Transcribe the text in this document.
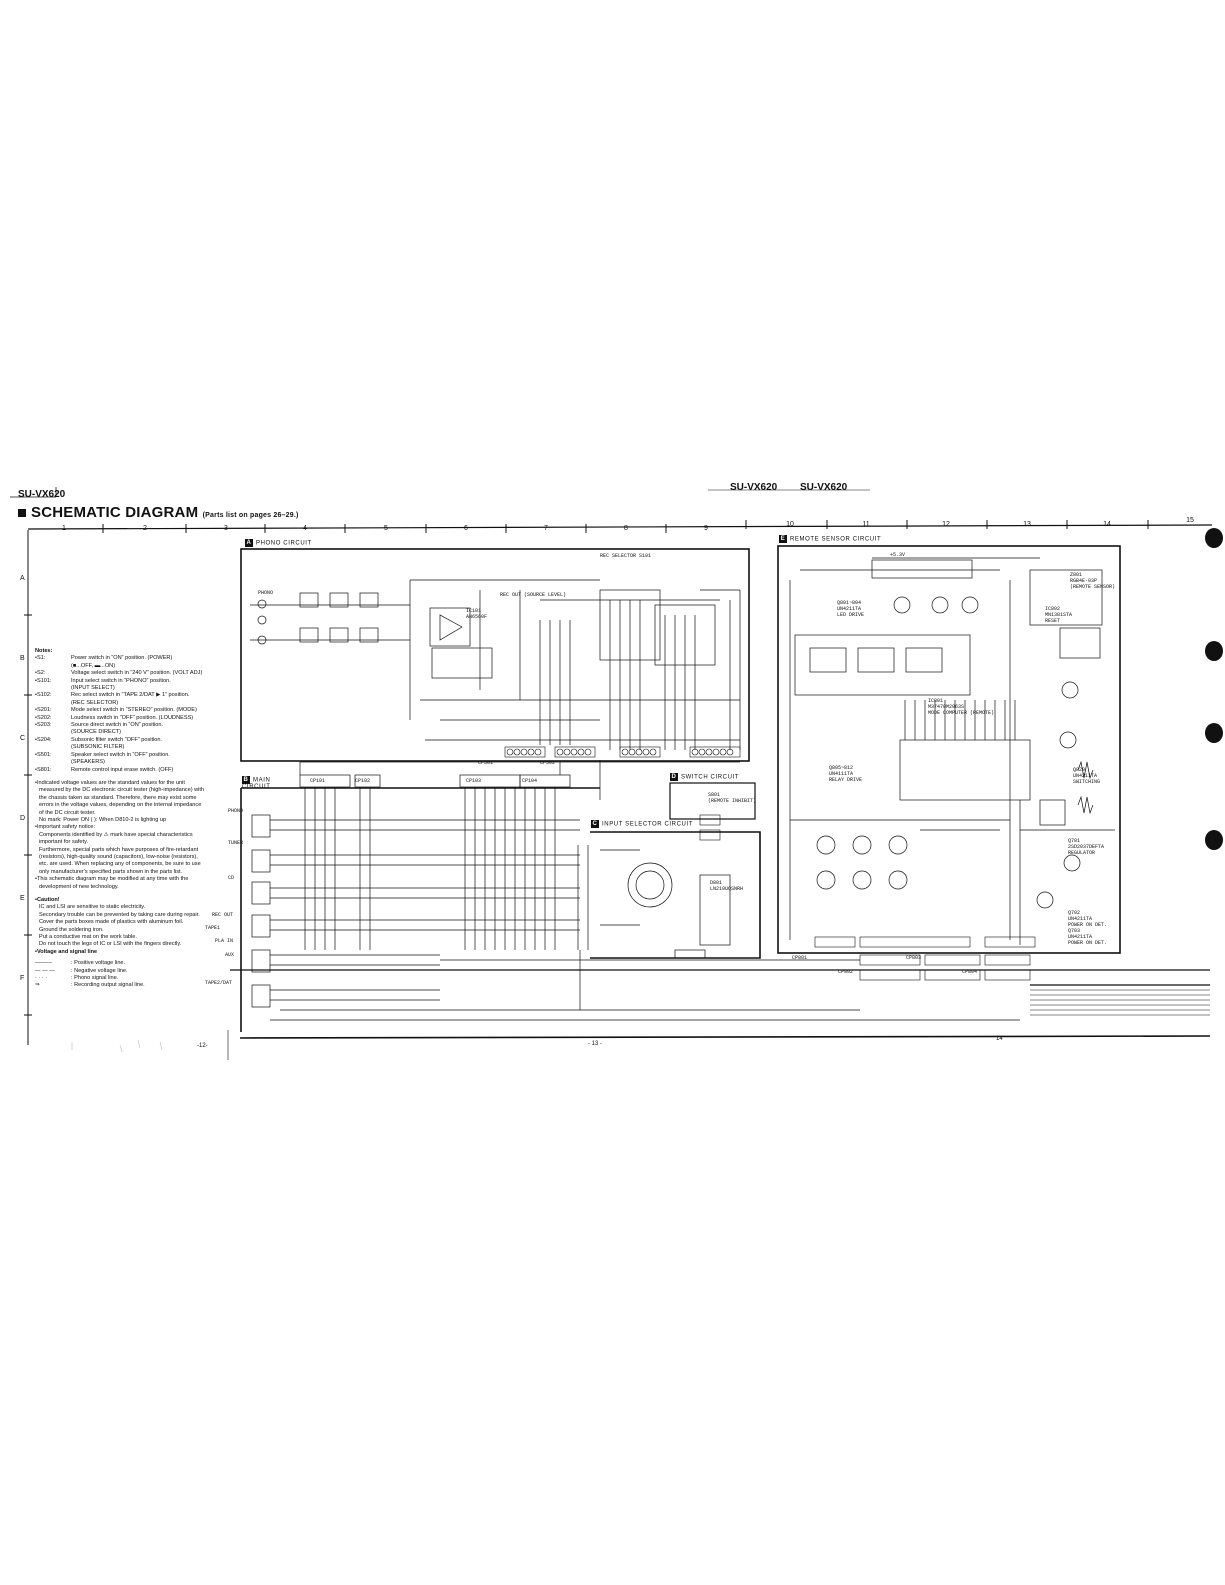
SU-VX620
SU-VX620 SU-VX620
SCHEMATIC DIAGRAM (Parts list on pages 26–29.)
1	2	3	4	5	6	7	8	9
10	11	12	13	14
15
A
B
C
D
E
F
A PHONO CIRCUIT
E REMOTE SENSOR CIRCUIT
B MAIN CIRCUIT
D SWITCH CIRCUIT
C INPUT SELECTOR CIRCUIT
IC101
AN6560F
REC OUT (SOURCE LEVEL)
REC SELECTOR S101
PHONO
IC801
M37470M2063S
MODE COMPUTER (REMOTE)
IC802
MN1381STA
RESET
Q801~804
UN4211TA
LED DRIVE
Q805~812
UN4111TA
RELAY DRIVE
Q820
UN4211TA
SWITCHING
Q701
2SD2037DEFTA
REGULATOR
Q702
UN4211TA
POWER ON DET.
Q703
UN4211TA
POWER ON DET.
Z801
RGB4E-03P
(REMOTE SENSOR)
S801
(REMOTE INHIBIT)
D801
LN210UQSNRH
+5.3V
PHONO
TUNER
CD
TAPE1
TAPE2/DAT
AUX
PLA IN
REC OUT
CP101	CP102	CP103	CP104
CP501	CP502
CP801
CP802
CP803
CP804
Notes:
•S1:	Power switch in “ON” position. (POWER)
(■...OFF, ▬...ON)
•S2:	Voltage select switch in “240 V” position. (VOLT ADJ)
•S101:	Input select switch in “PHONO” position.
(INPUT SELECT)
•S102:	Rec select switch in “TAPE 2/DAT ▶ 1” position.
(REC SELECTOR)
•S201:	Mode select switch in “STEREO” position. (MODE)
•S202:	Loudness switch in “OFF” position. (LOUDNESS)
•S203:	Source direct switch in “ON” position.
(SOURCE DIRECT)
•S204:	Subsonic filter switch “OFF” position.
(SUBSONIC FILTER)
•S501:	Speaker select switch in “OFF” position.
(SPEAKERS)
•S801:	Remote control input erase switch. (OFF)
•Indicated voltage values are the standard values for the unit
measured by the DC electronic circuit tester (high-impedance) with
the chassis taken as standard. Therefore, there may exist some
errors in the voltage values, depending on the internal impedance
of the DC circuit tester.
No mark: Power ON ( ): When D810-2 is lighting up
•Important safety notice:
Components identified by ⚠ mark have special characteristics
important for safety.
Furthermore, special parts which have purposes of fire-retardant
(resistors), high-quality sound (capacitors), low-noise (resistors),
etc. are used. When replacing any of components, be sure to use
only manufacturer's specified parts shown in the parts list.
•This schematic diagram may be modified at any time with the
development of new technology.
•Caution!
IC and LSI are sensitive to static electricity.
Secondary trouble can be prevented by taking care during repair.
Cover the parts boxes made of plastics with aluminum foil.
Ground the soldering iron.
Put a conductive mat on the work table.
Do not touch the legs of IC or LSI with the fingers directly.
•Voltage and signal line
———	: Positive voltage line.
— — —	: Negative voltage line.
· · · ·	: Phono signal line.
⇒	: Recording output signal line.
-12-	- 13 -
14
